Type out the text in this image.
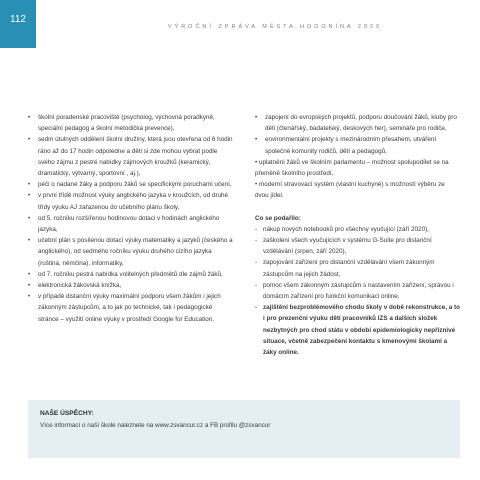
112
VÝROČNÍ ZPRÁVA MĚSTA HODONÍNA 2020
• školní poradenské pracoviště (psycholog, výchovná poradkyně, speciální pedagog a školní metodička prevence),
• sedm útulných oddělení školní družiny, která jsou otevřena od 6 hodin ráno až do 17 hodin odpoledne a děti si zde mohou vybrat podle svého zájmu z pestré nabídky zájmových kroužků (keramický, dramatický, výtvarný, sportovní , aj.),
• péči o nadané žáky a podporu žáků se specifickými poruchami učení,
• v první třídě možnost výuky anglického jazyka v kroužcích, od druhé třídy výuku AJ zařazenou do učebního plánu školy,
• od 5. ročníku rozšířenou hodinovou dotaci v hodinách anglického jazyka,
• učební plán s posílenou dotací výuky matematiky a jazyků (českého a anglického), od sedmého ročníku výuku druhého cizího jazyka (ruština, němčina), informatiky,
• od 7. ročníku pestrá nabídka volitelných předmětů dle zájmů žáků,
• elektronická žákovská knížka,
• v případě distanční výuky maximální podporu všem žákům i jejich zákonným zástupcům, a to jak po technické, tak i pedagogické stránce – využití online výuky v prostředí Google for Education,
• zapojení do evropských projektů, podporu doučování žáků, kluby pro děti (čtenářský, badatelský, deskových her), semináře pro rodiče,
• environmentální projekty s mezinárodním přesahem, utváření společné komunity rodičů, dětí a pedagogů,
• uplatnění žáků ve školním parlamentu – možnost spolupodílet se na přeměně školního prostředí,
• moderní stravovací systém (vlastní kuchyně) s možností výběru ze dvou jídel.
Co se podařilo:
- nákup nových notebooků pro všechny vyučující (září 2020),
- zaškolení všech vyučujících v systému G-Suite pro distanční vzdělávání (srpen, září 2020),
- zapojování zařízení pro distanční vzdělávání všem zákonným zástupcům na jejich žádost,
- pomoc všem zákonným zástupcům s nastavením zařízení, správou i domácím zařízení pro funkční komunikaci online,
- zajištění bezproblémového chodu školy v době rekonstrukce, a to i pro prezenční výuku dětí pracovníků IZS a dalších složek nezbytných pro chod státu v období epidemiologicky nepříznivé situace, včetně zabezpečení kontaktu s kmenovými školami a žáky online.
NAŠE ÚSPĚCHY:
Více informací o naší škole naleznete na www.zsvancur.cz a FB profilu @zsvancur
